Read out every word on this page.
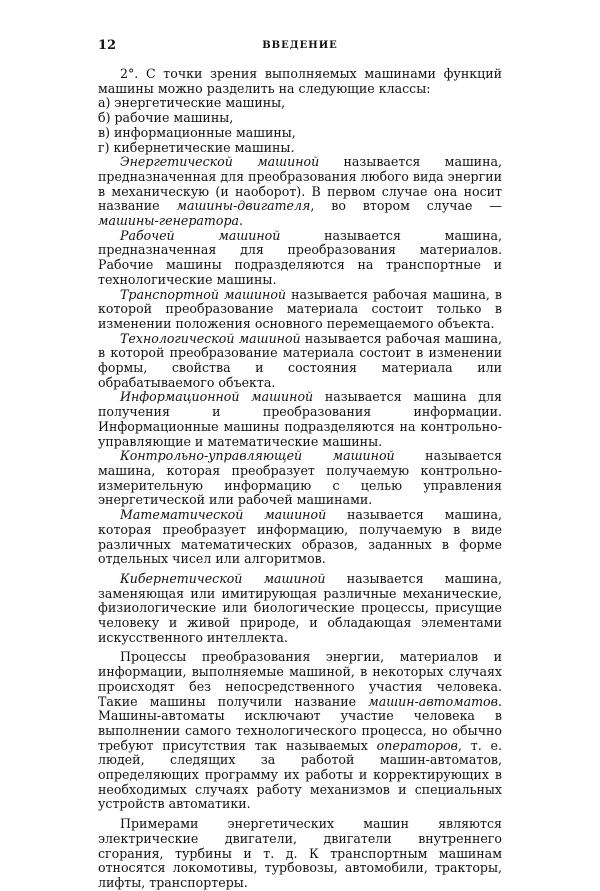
12	ВВЕДЕНИЕ

2°. С точки зрения выполняемых машинами функций машины можно разделить на следующие классы:

а) энергетические машины,

б) рабочие машины,

в) информационные машины,

г) кибернетические машины.

Энергетической машиной называется машина, предназначенная для преобразования любого вида энергии в механическую (и наоборот). В первом случае она носит название машины-двигателя, во втором случае — машины-генератора.

Рабочей машиной называется машина, предназначенная для преобразования материалов. Рабочие машины подразделяются на транспортные и технологические машины.

Транспортной машиной называется рабочая машина, в которой преобразование материала состоит только в изменении положения основного перемещаемого объекта.

Технологической машиной называется рабочая машина, в которой преобразование материала состоит в изменении формы, свойства и состояния материала или обрабатываемого объекта.

Информационной машиной называется машина для получения и преобразования информации. Информационные машины подразделяются на контрольно-управляющие и математические машины.

Контрольно-управляющей машиной называется машина, которая преобразует получаемую контрольно-измерительную информацию с целью управления энергетической или рабочей машинами.

Математической машиной называется машина, которая преобразует информацию, получаемую в виде различных математических образов, заданных в форме отдельных чисел или алгоритмов.

Кибернетической машиной называется машина, заменяющая или имитирующая различные механические, физиологические или биологические процессы, присущие человеку и живой природе, и обладающая элементами искусственного интеллекта.

Процессы преобразования энергии, материалов и информации, выполняемые машиной, в некоторых случаях происходят без непосредственного участия человека. Такие машины получили название машин-автоматов. Машины-автоматы исключают участие человека в выполнении самого технологического процесса, но обычно требуют присутствия так называемых операторов, т. е. людей, следящих за работой машин-автоматов, определяющих программу их работы и корректирующих в необходимых случаях работу механизмов и специальных устройств автоматики.

Примерами энергетических машин являются электрические двигатели, двигатели внутреннего сгорания, турбины и т. д. К транспортным машинам относятся локомотивы, турбовозы, автомобили, тракторы, лифты, транспортеры.
